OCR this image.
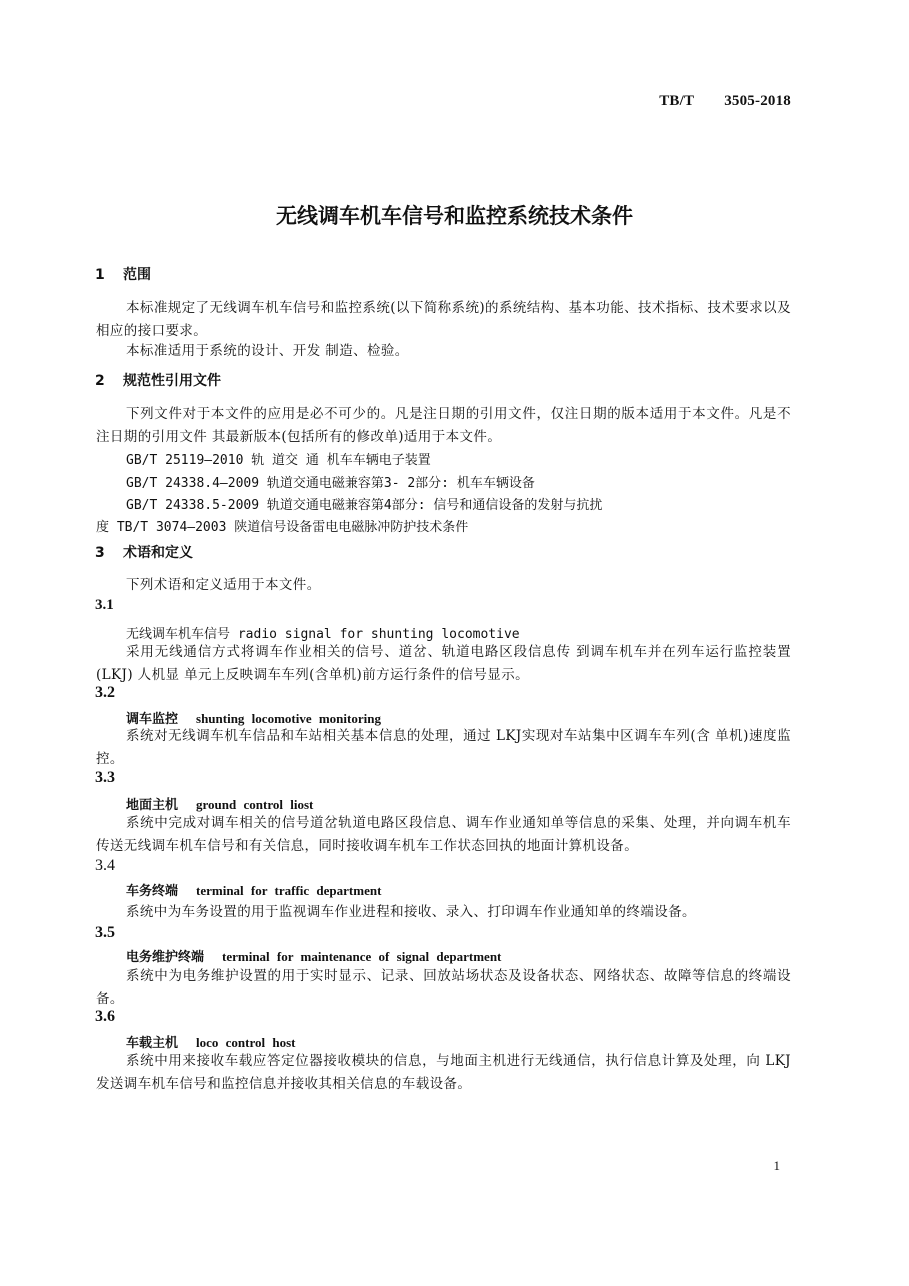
TB/T 3505-2018
无线调车机车信号和监控系统技术条件
1 范围
本标准规定了无线调车机车信号和监控系统(以下简称系统)的系统结构、基本功能、技术指标、技术要求以及相应的接口要求。
本标准适用于系统的设计、开发 制造、检验。
2 规范性引用文件
下列文件对于本文件的应用是必不可少的。凡是注日期的引用文件，仅注日期的版本适用于本文件。凡是不注日期的引用文件 其最新版本(包括所有的修改单)适用于本文件。
GB/T 25119—2010 轨 道交 通 机车车辆电子装置
GB/T 24338.4—2009 轨道交通电磁兼容第3- 2部分: 机车车辆设备
GB/T 24338.5-2009 轨道交通电磁兼容第4部分: 信号和通信设备的发射与抗扰
度 TB/T 3074—2003 陕道信号设备雷电电磁脉冲防护技术条件
3 术语和定义
下列术语和定义适用于本文件。
3.1
无线调车机车信号 radio signal for shunting locomotive
采用无线通信方式将调车作业相关的信号、道岔、轨道电路区段信息传 到调车机车并在列车运行监控装置(LKJ) 人机显 单元上反映调车车列(含单机)前方运行条件的信号显示。
3.2
调车监控 shunting locomotive monitoring
系统对无线调车机车信品和车站相关基本信息的处理，通过 LKJ实现对车站集中区调车车列(含 单机)速度监控。
3.3
地面主机 ground control liost
系统中完成对调车相关的信号道岔轨道电路区段信息、调车作业通知单等信息的采集、处理，并向调车机车传送无线调车机车信号和有关信息，同时接收调车机车工作状态回执的地面计算机设备。
3.4
车务终端 terminal for traffic department
系统中为车务设置的用于监视调车作业进程和接收、录入、打印调车作业通知单的终端设备。
3.5
电务维护终端 terminal for maintenance of signal department
系统中为电务维护设置的用于实时显示、记录、回放站场状态及设备状态、网络状态、故障等信息的终端设备。
3.6
车载主机 loco control host
系统中用来接收车载应答定位器接收模块的信息，与地面主机进行无线通信，执行信息计算及处理，向 LKJ发送调车机车信号和监控信息并接收其相关信息的车载设备。
1
